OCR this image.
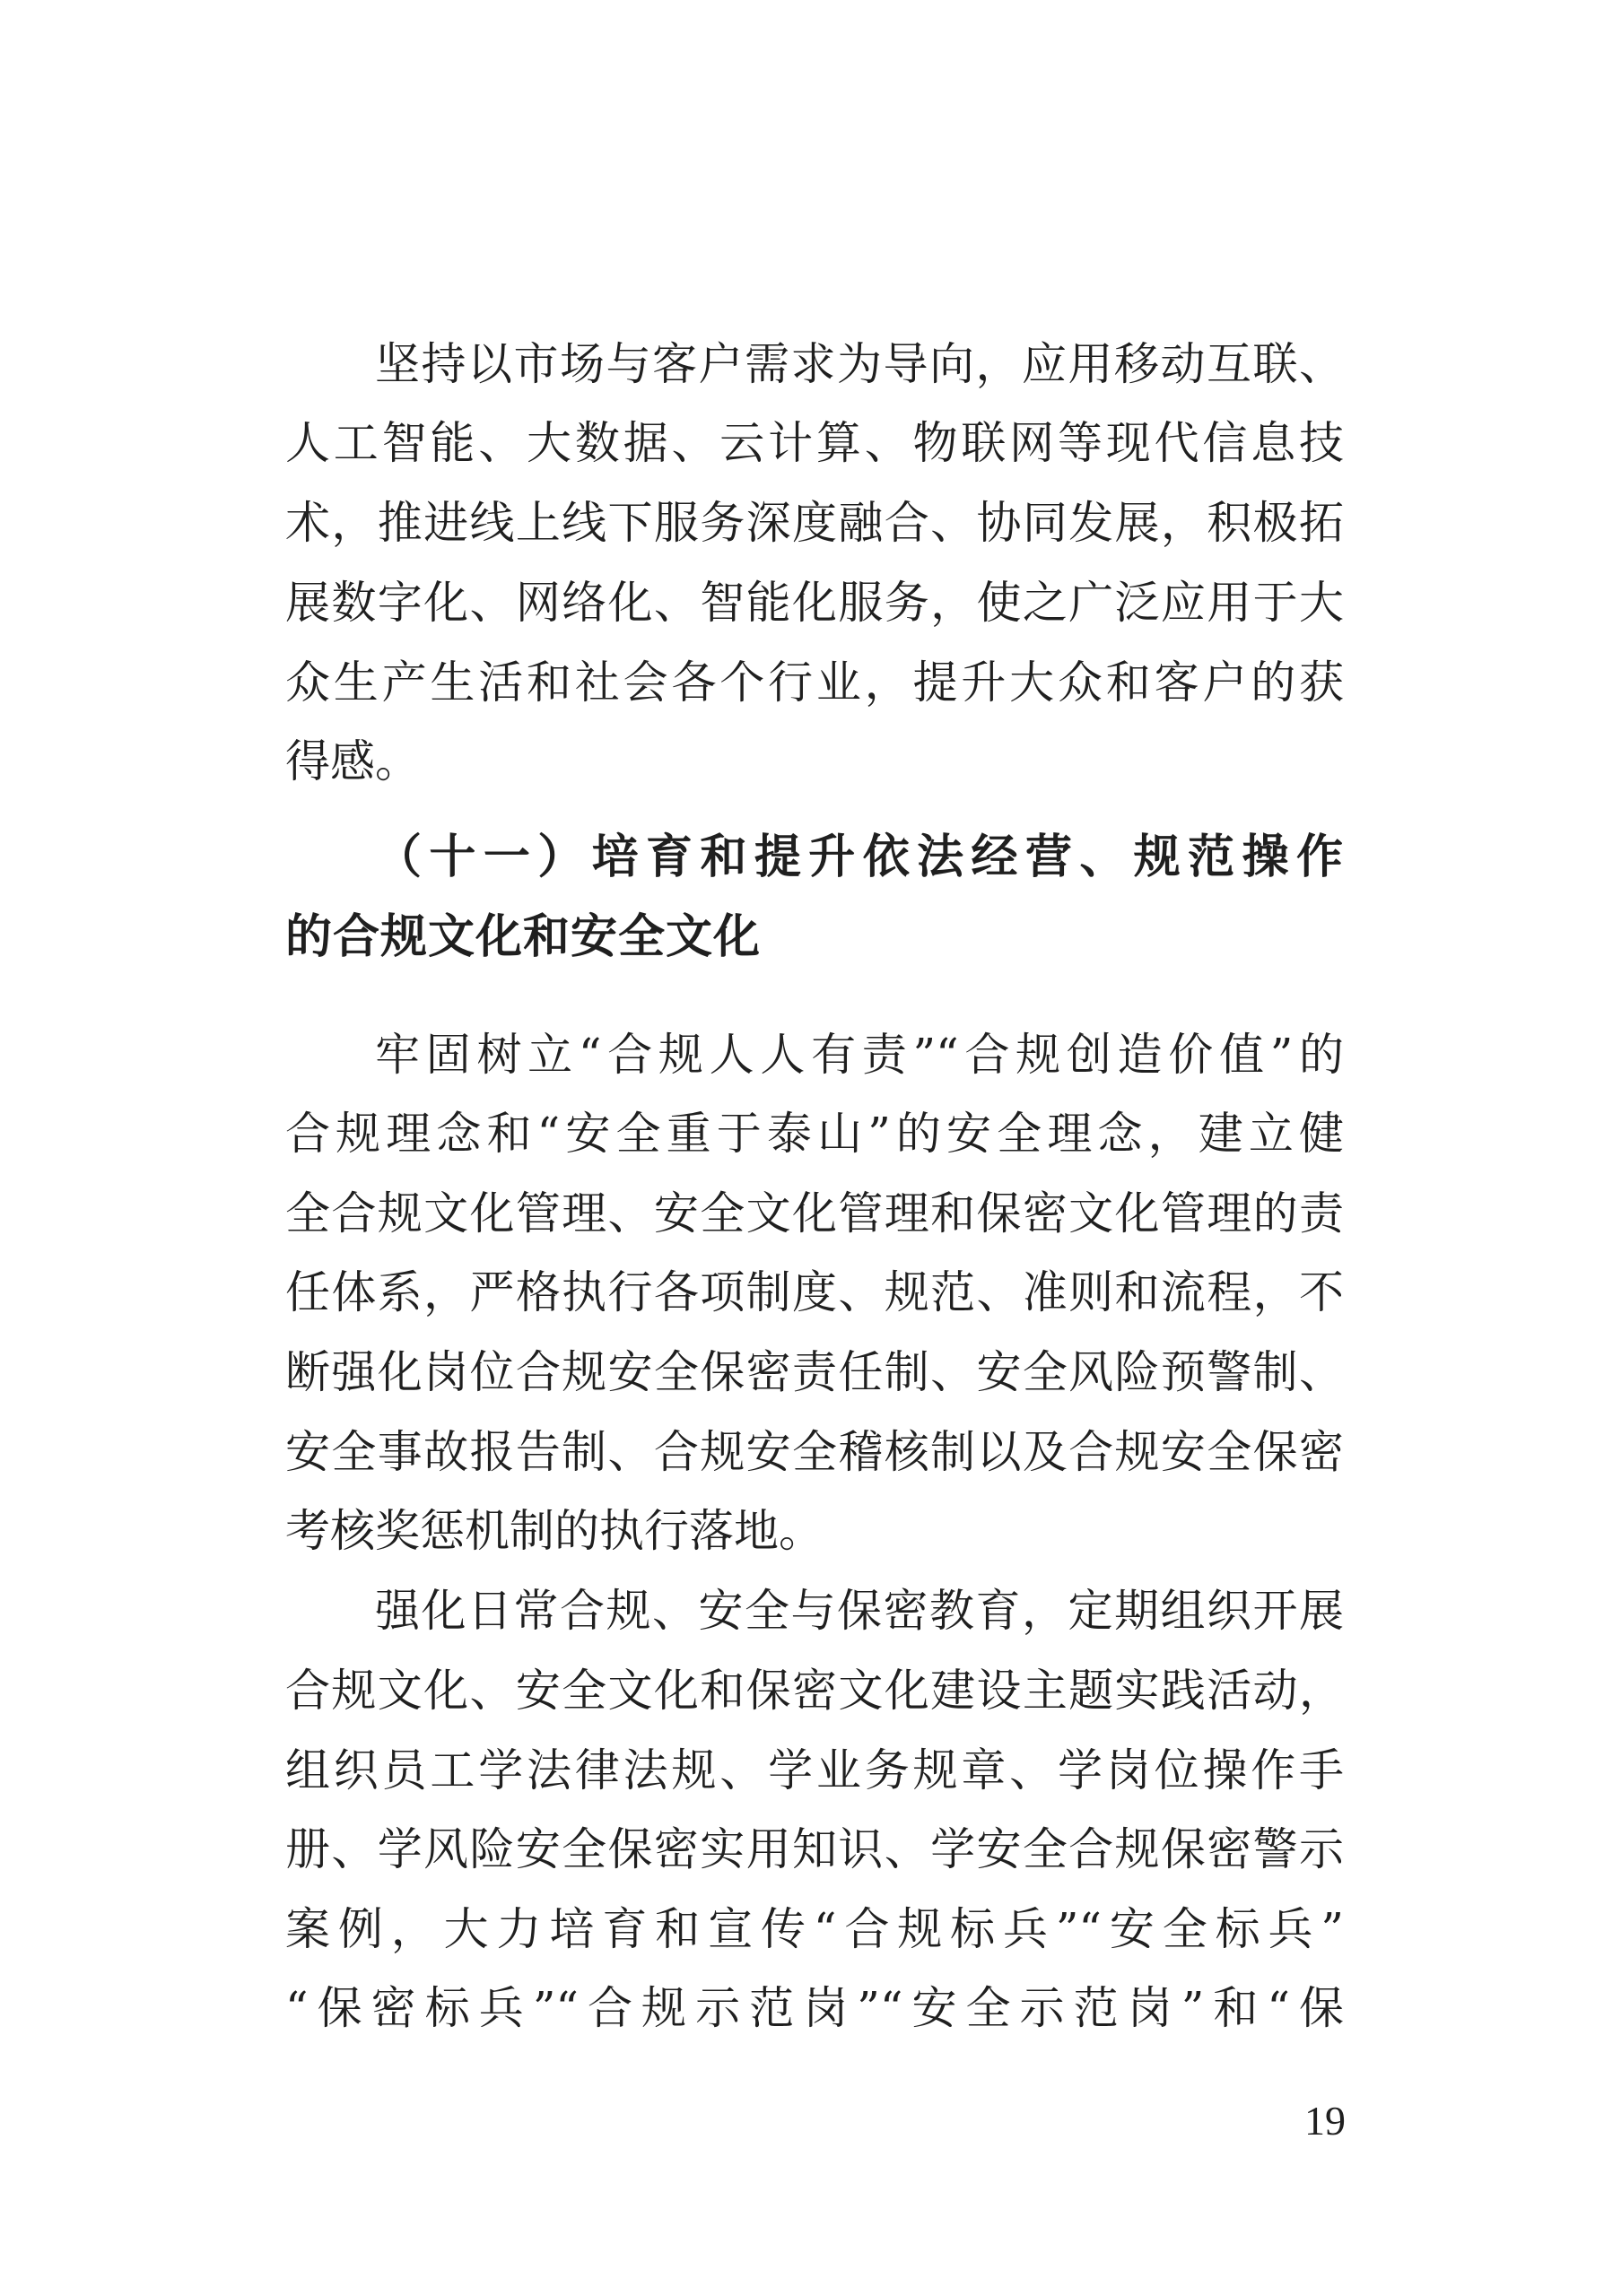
坚持以市场与客户需求为导向，应用移动互联、
人工智能、大数据、云计算、物联网等现代信息技
术，推进线上线下服务深度融合、协同发展，积极拓
展数字化、网络化、智能化服务，使之广泛应用于大
众生产生活和社会各个行业，提升大众和客户的获
得感。
（十一）培育和提升依法经营、规范操作
的合规文化和安全文化
牢固树立“合规人人有责”“合规创造价值”的
合规理念和“安全重于泰山”的安全理念，建立健
全合规文化管理、安全文化管理和保密文化管理的责
任体系，严格执行各项制度、规范、准则和流程，不
断强化岗位合规安全保密责任制、安全风险预警制、
安全事故报告制、合规安全稽核制以及合规安全保密
考核奖惩机制的执行落地。
强化日常合规、安全与保密教育，定期组织开展
合规文化、安全文化和保密文化建设主题实践活动，
组织员工学法律法规、学业务规章、学岗位操作手
册、学风险安全保密实用知识、学安全合规保密警示
案例，大力培育和宣传“合规标兵”“安全标兵”
“保密标兵”“合规示范岗”“安全示范岗”和“保
19
